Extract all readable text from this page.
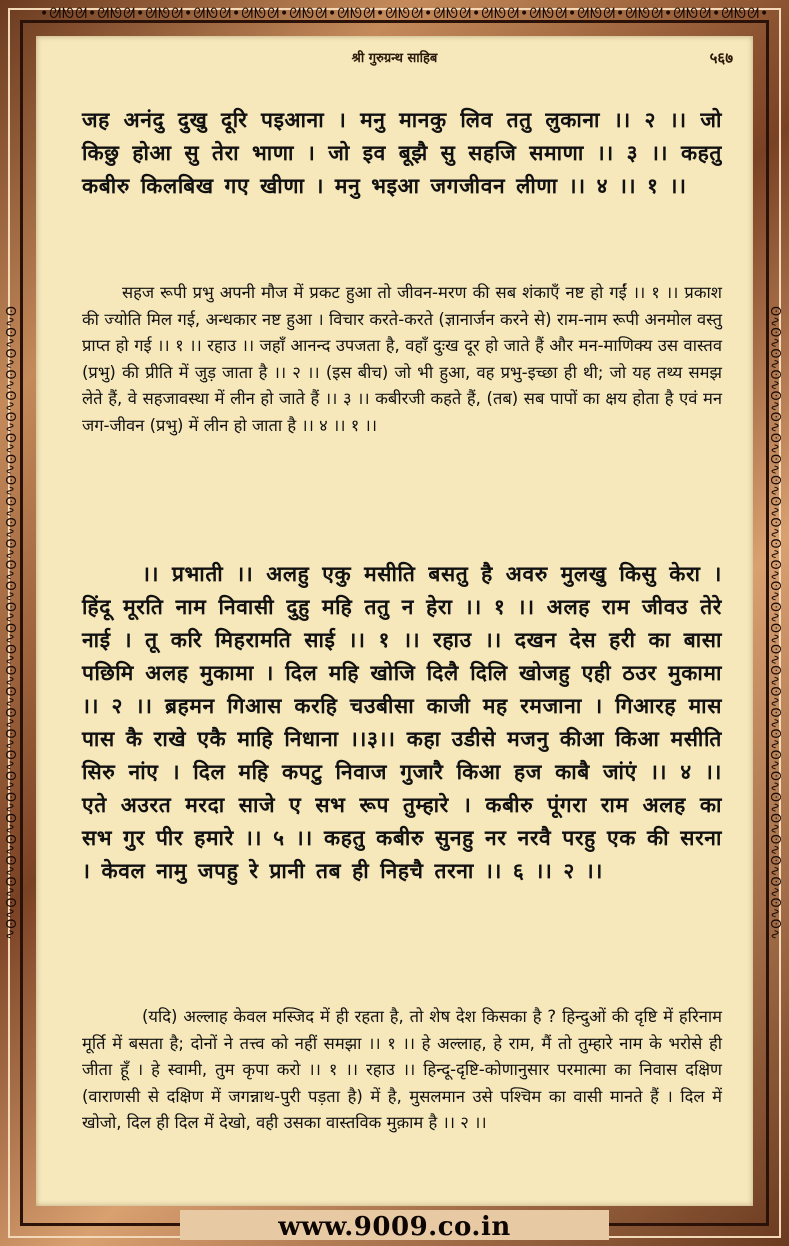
•ᘛᘚᘛ•ᘛᘚᘛ•ᘛᘚᘛ•ᘛᘚᘛ•ᘛᘚᘛ•ᘛᘚᘛ•ᘛᘚᘛ•ᘛᘚᘛ•ᘛᘚᘛ•ᘛᘚᘛ•ᘛᘚᘛ•ᘛᘚᘛ•ᘛᘚᘛ•ᘛᘚᘛ•ᘛᘚᘛ•
ʘ∿ʘ∿ʘ∿ʘ∿ʘ∿ʘ∿ʘ∿ʘ∿ʘ∿ʘ∿ʘ∿ʘ∿ʘ∿ʘ∿ʘ∿ʘ∿ʘ∿ʘ∿ʘ∿ʘ∿ʘ∿ʘ∿ʘ∿ʘ∿ʘ∿ʘ∿ʘ∿ʘ∿ʘ∿ʘ∿	ʘ∿ʘ∿ʘ∿ʘ∿ʘ∿ʘ∿ʘ∿ʘ∿ʘ∿ʘ∿ʘ∿ʘ∿ʘ∿ʘ∿ʘ∿ʘ∿ʘ∿ʘ∿ʘ∿ʘ∿ʘ∿ʘ∿ʘ∿ʘ∿ʘ∿ʘ∿ʘ∿ʘ∿ʘ∿ʘ∿
www.9009.co.in
श्री गुरुग्रन्थ साहिब	५६७
जह अनंदु दुखु दूरि पइआना । मनु मानकु लिव ततु लुकाना ।। २ ।। जो किछु होआ सु तेरा भाणा । जो इव बूझै सु सहजि समाणा ।। ३ ।। कहतु कबीरु किलबिख गए खीणा । मनु भइआ जगजीवन लीणा ।। ४ ।। १ ।।
सहज रूपी प्रभु अपनी मौज में प्रकट हुआ तो जीवन-मरण की सब शंकाएँ नष्ट हो गईं ।। १ ।। प्रकाश की ज्योति मिल गई, अन्धकार नष्ट हुआ । विचार करते-करते (ज्ञानार्जन करने से) राम-नाम रूपी अनमोल वस्तु प्राप्त हो गई ।। १ ।। रहाउ ।। जहाँ आनन्द उपजता है, वहाँ दुःख दूर हो जाते हैं और मन-माणिक्य उस वास्तव (प्रभु) की प्रीति में जुड़ जाता है ।। २ ।। (इस बीच) जो भी हुआ, वह प्रभु-इच्छा ही थी; जो यह तथ्य समझ लेते हैं, वे सहजावस्था में लीन हो जाते हैं ।। ३ ।। कबीरजी कहते हैं, (तब) सब पापों का क्षय होता है एवं मन जग-जीवन (प्रभु) में लीन हो जाता है ।। ४ ।। १ ।।
।। प्रभाती ।। अलहु एकु मसीति बसतु है अवरु मुलखु किसु केरा । हिंदू मूरति नाम निवासी दुहु महि ततु न हेरा ।। १ ।। अलह राम जीवउ तेरे नाई । तू करि मिहरामति साई ।। १ ।। रहाउ ।। दखन देस हरी का बासा पछिमि अलह मुकामा । दिल महि खोजि दिलै दिलि खोजहु एही ठउर मुकामा ।। २ ।। ब्रहमन गिआस करहि चउबीसा काजी मह रमजाना । गिआरह मास पास कै राखे एकै माहि निधाना ।।३।। कहा उडीसे मजनु कीआ किआ मसीति सिरु नांए । दिल महि कपटु निवाज गुजारै किआ हज काबै जांएं ।। ४ ।। एते अउरत मरदा साजे ए सभ रूप तुम्हारे । कबीरु पूंगरा राम अलह का सभ गुर पीर हमारे ।। ५ ।। कहतु कबीरु सुनहु नर नरवै परहु एक की सरना । केवल नामु जपहु रे प्रानी तब ही निहचै तरना ।। ६ ।। २ ।।
(यदि) अल्लाह केवल मस्जिद में ही रहता है, तो शेष देश किसका है ? हिन्दुओं की दृष्टि में हरिनाम मूर्ति में बसता है; दोनों ने तत्त्व को नहीं समझा ।। १ ।। हे अल्लाह, हे राम, मैं तो तुम्हारे नाम के भरोसे ही जीता हूँ । हे स्वामी, तुम कृपा करो ।। १ ।। रहाउ ।। हिन्दू-दृष्टि-कोणानुसार परमात्मा का निवास दक्षिण (वाराणसी से दक्षिण में जगन्नाथ-पुरी पड़ता है) में है, मुसलमान उसे पश्चिम का वासी मानते हैं । दिल में खोजो, दिल ही दिल में देखो, वही उसका वास्तविक मुक़ाम है ।। २ ।।
